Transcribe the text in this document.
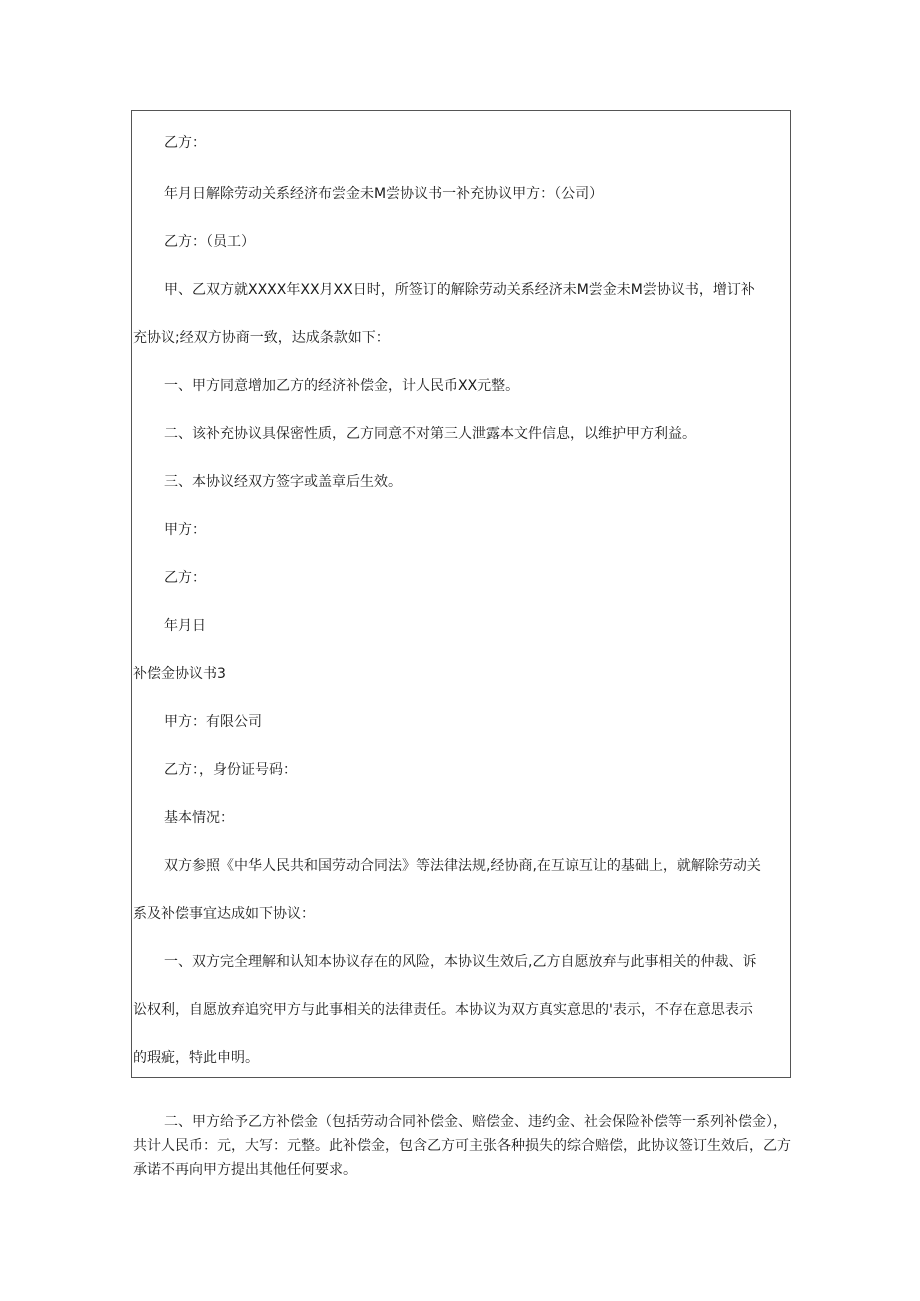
乙方：
年月日解除劳动关系经济布尝金未M尝协议书一补充协议甲方：（公司）
乙方：（员工）
甲、乙双方就XXXX年XX月XX日时，所签订的解除劳动关系经济未M尝金未M尝协议书，增订补
充协议;经双方协商一致，达成条款如下：
一、甲方同意增加乙方的经济补偿金，计人民币XX元整。
二、该补充协议具保密性质，乙方同意不对第三人泄露本文件信息，以维护甲方利益。
三、本协议经双方签字或盖章后生效。
甲方：
乙方：
年月日
补偿金协议书3
甲方：有限公司
乙方：，身份证号码：
基本情况：
双方参照《中华人民共和国劳动合同法》等法律法规,经协商,在互谅互让的基础上，就解除劳动关
系及补偿事宜达成如下协议：
一、双方完全理解和认知本协议存在的风险，本协议生效后,乙方自愿放弃与此事相关的仲裁、诉
讼权利，自愿放弃追究甲方与此事相关的法律责任。本协议为双方真实意思的'表示，不存在意思表示
的瑕疵，特此申明。

二、甲方给予乙方补偿金（包括劳动合同补偿金、赔偿金、违约金、社会保险补偿等一系列补偿金），共计人民币：元，大写：元整。此补偿金，包含乙方可主张各种损失的综合赔偿，此协议签订生效后，乙方承诺不再向甲方提出其他任何要求。
